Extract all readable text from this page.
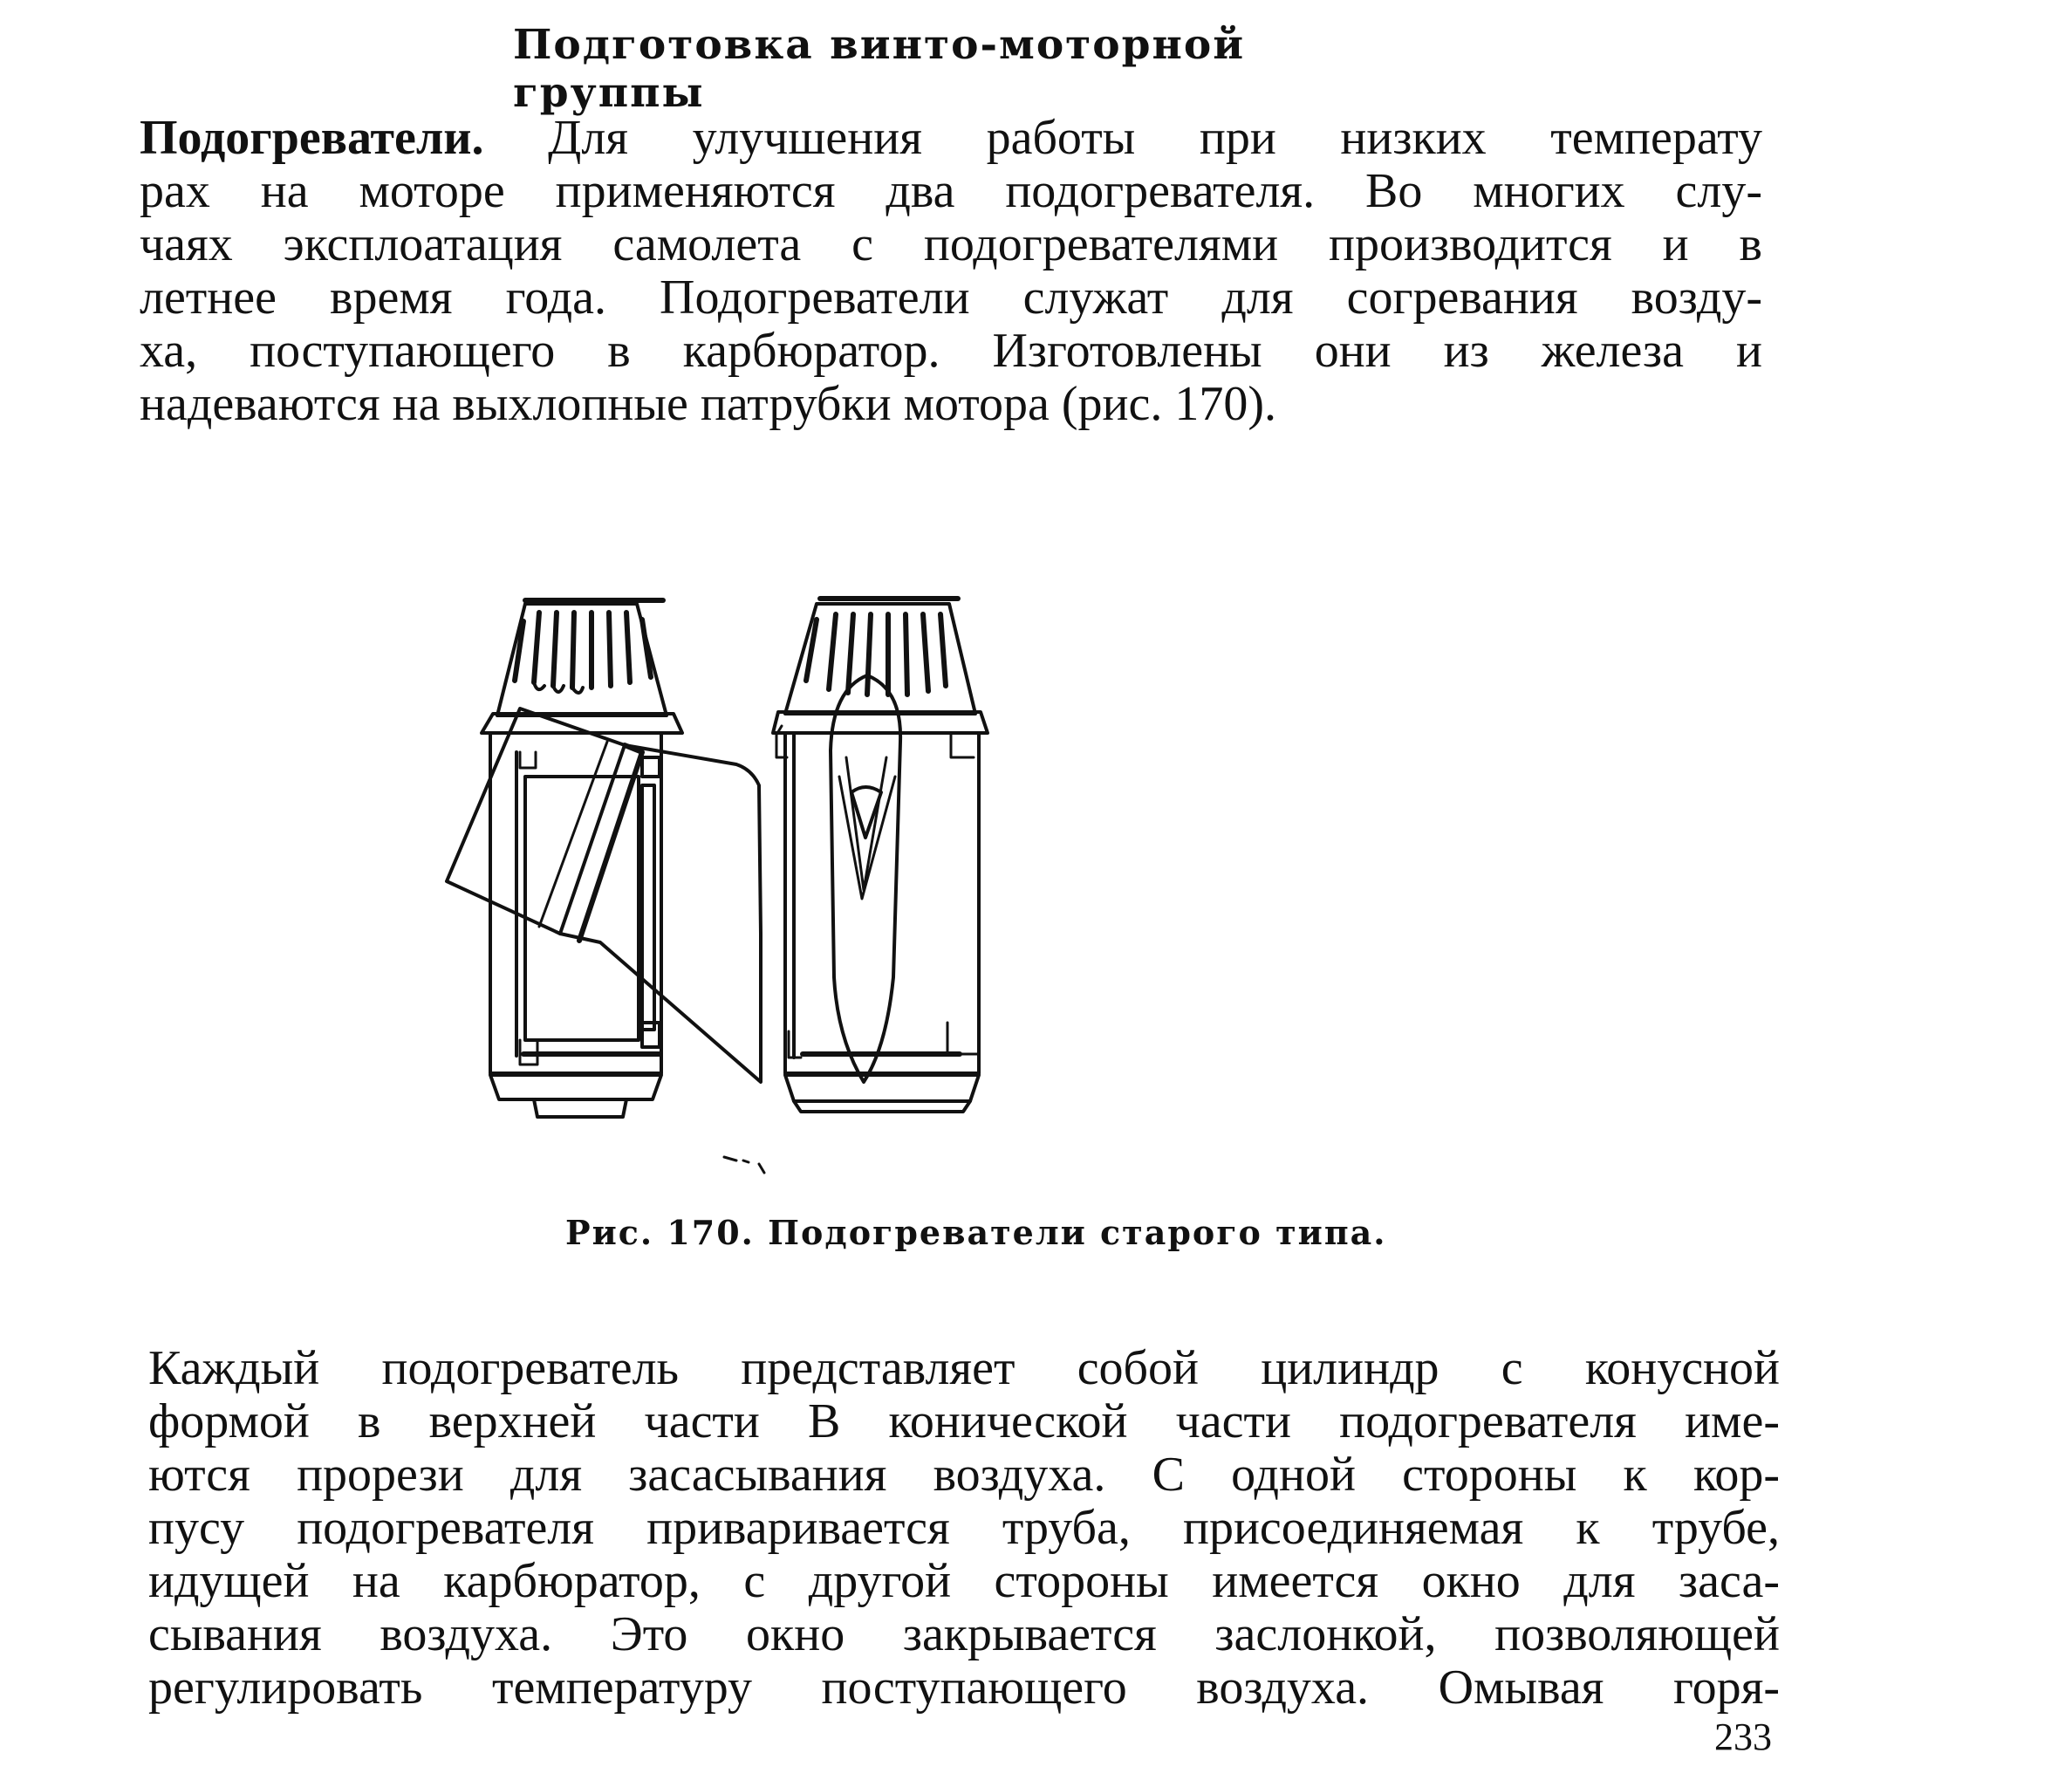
Подготовка винто-моторной группы
Подогреватели. Для улучшения работы при низких температу
рах на моторе применяются два подогревателя. Во многих слу-
чаях эксплоатация самолета с подогревателями производится и в
летнее время года. Подогреватели служат для согревания возду-
ха, поступающего в карбюратор. Изготовлены они из железа и
надеваются на выхлопные патрубки мотора (рис. 170).
Рис. 170. Подогреватели старого типа.
Каждый подогреватель представляет собой цилиндр с конусной
формой в верхней части В конической части подогревателя име-
ются прорези для засасывания воздуха. С одной стороны к кор-
пусу подогревателя приваривается труба, присоединяемая к трубе,
идущей на карбюратор, с другой стороны имеется окно для заса-
сывания воздуха. Это окно закрывается заслонкой, позволяющей
регулировать температуру поступающего воздуха. Омывая горя-
233
